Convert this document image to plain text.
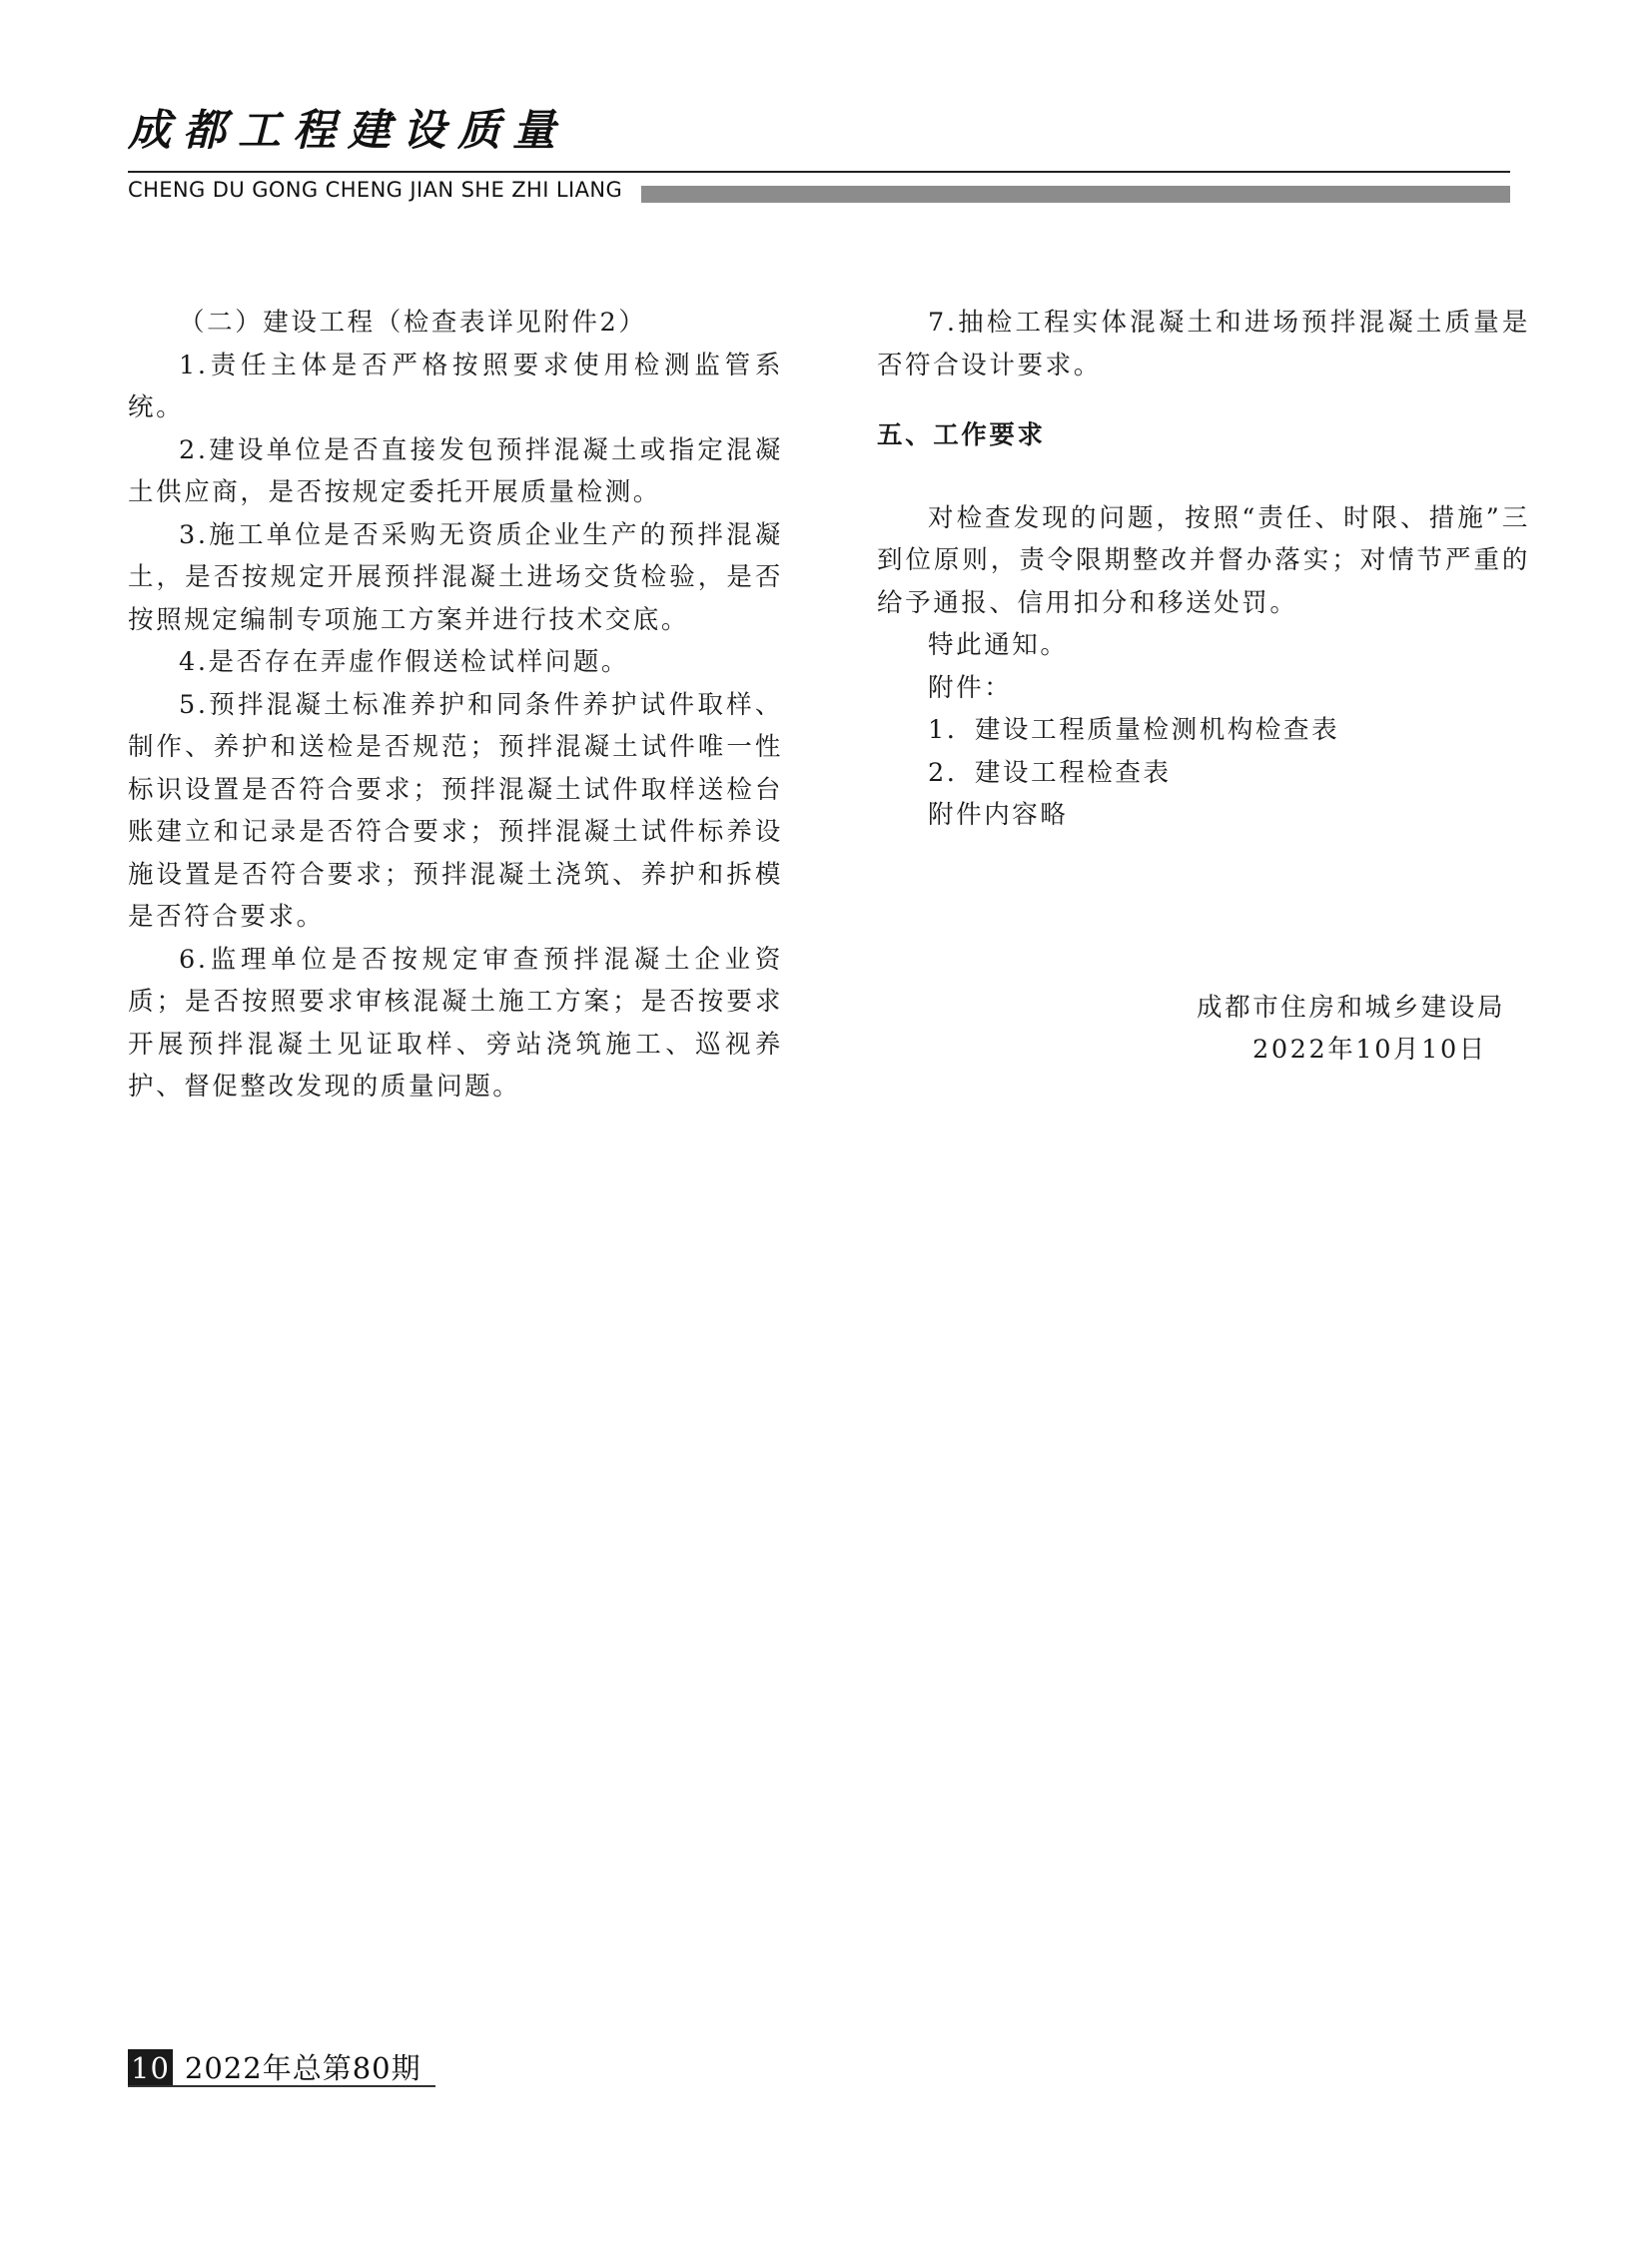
成都工程建设质量
CHENG DU GONG CHENG JIAN SHE ZHI LIANG

（二）建设工程（检查表详见附件2）

1.责任主体是否严格按照要求使用检测监管系统。

2.建设单位是否直接发包预拌混凝土或指定混凝土供应商，是否按规定委托开展质量检测。

3.施工单位是否采购无资质企业生产的预拌混凝土，是否按规定开展预拌混凝土进场交货检验，是否按照规定编制专项施工方案并进行技术交底。

4.是否存在弄虚作假送检试样问题。

5.预拌混凝土标准养护和同条件养护试件取样、制作、养护和送检是否规范；预拌混凝土试件唯一性标识设置是否符合要求；预拌混凝土试件取样送检台账建立和记录是否符合要求；预拌混凝土试件标养设施设置是否符合要求；预拌混凝土浇筑、养护和拆模是否符合要求。

6.监理单位是否按规定审查预拌混凝土企业资质；是否按照要求审核混凝土施工方案；是否按要求开展预拌混凝土见证取样、旁站浇筑施工、巡视养护、督促整改发现的质量问题。

7.抽检工程实体混凝土和进场预拌混凝土质量是否符合设计要求。

五、工作要求

对检查发现的问题，按照“责任、时限、措施”三到位原则，责令限期整改并督办落实；对情节严重的给予通报、信用扣分和移送处罚。

特此通知。

附件：

1．建设工程质量检测机构检查表

2．建设工程检查表

附件内容略

成都市住房和城乡建设局
2022年10月10日
10 2022年总第80期
